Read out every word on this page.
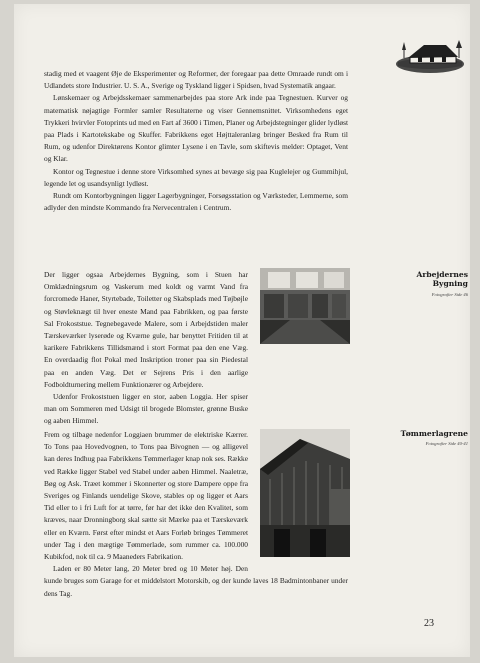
stadig med et vaagent Øje de Eksperimenter og Reformer, der foregaar paa dette Omraade rundt om i Udlandets store Industrier. U. S. A., Sverige og Tyskland ligger i Spidsen, hvad Systematik angaar.

Lønskemaer og Arbejdsskemaer sammenarbejdes paa store Ark inde paa Tegnestuen. Kurver og matematisk nøjagtige Formler samler Resultaterne og viser Gennemsnittet. Virksomhedens eget Trykkeri hvirvler Fotoprints ud med en Fart af 3600 i Timen, Planer og Arbejdstegninger glider lydløst paa Plads i Kartotekskabe og Skuffer. Fabrikkens eget Højttaleranlæg bringer Besked fra Rum til Rum, og udenfor Direktørens Kontor glimter Lysene i en Tavle, som skiftevis melder: Optaget, Vent og Klar.

Kontor og Tegnestue i denne store Virksomhed synes at bevæge sig paa Kuglelejer og Gummihjul, legende let og usandsynligt lydløst.

Rundt om Kontorbygningen ligger Lagerbygninger, Forsøgsstation og Værksteder, Lemmerne, som adlyder den mindste Kommando fra Nervecentralen i Centrum.

Der ligger ogsaa Arbejdernes Bygning, som i Stuen har Omklædningsrum og Vaskerum med koldt og varmt Vand fra forcromede Haner, Styrtebade, Toiletter og Skabsplads med Tøjbøjle og Støvleknægt til hver eneste Mand paa Fabrikken, og paa første Sal Frokoststue. Tegnebegavede Malere, som i Arbejdstiden maler Tærskeværker lyserøde og Kværne gule, har benyttet Fritiden til at karikere Fabrikkens Tillidsmænd i stort Format paa den ene Væg. En overdaadig flot Pokal med Inskription troner paa sin Piedestal paa en anden Væg. Det er Sejrens Pris i den aarlige Fodboldturnering mellem Funktionærer og Arbejdere.

Udenfor Frokoststuen ligger en stor, aaben Loggia. Her spiser man om Sommeren med Udsigt til brogede Blomster, grønne Buske og aaben Himmel.

Arbejdernes
Bygning
Fotografier Side 46

Frem og tilbage nedenfor Loggiaen brummer de elektriske Kærrer. To Tons paa Hovedvognen, to Tons paa Bivognen — og alligevel kan deres Indhug paa Fabrikkens Tømmerlager knap nok ses. Række ved Række ligger Stabel ved Stabel under aaben Himmel. Naaletræ, Bøg og Ask. Træet kommer i Skonnerter og store Dampere oppe fra Sveriges og Finlands uendelige Skove, stables op og ligger et Aars Tid eller to i fri Luft for at tørre, før har det ikke den Kvalitet, som kræves, naar Dronningborg skal sætte sit Mærke paa et Tærskeværk eller en Kværn. Først efter mindst et Aars Forløb bringes Tømmeret under Tag i den mægtige Tømmerlade, som rummer ca. 100.000 Kubikfod, nok til ca. 9 Maaneders Fabrikation.

Laden er 80 Meter lang, 20 Meter bred og 10 Meter høj. Den kunde bruges som Garage for et middelstort Motorskib, og der kunde laves 18 Badmintonbaner under dens Tag.

Tømmerlagrene
Fotografier Side 40-41
23
